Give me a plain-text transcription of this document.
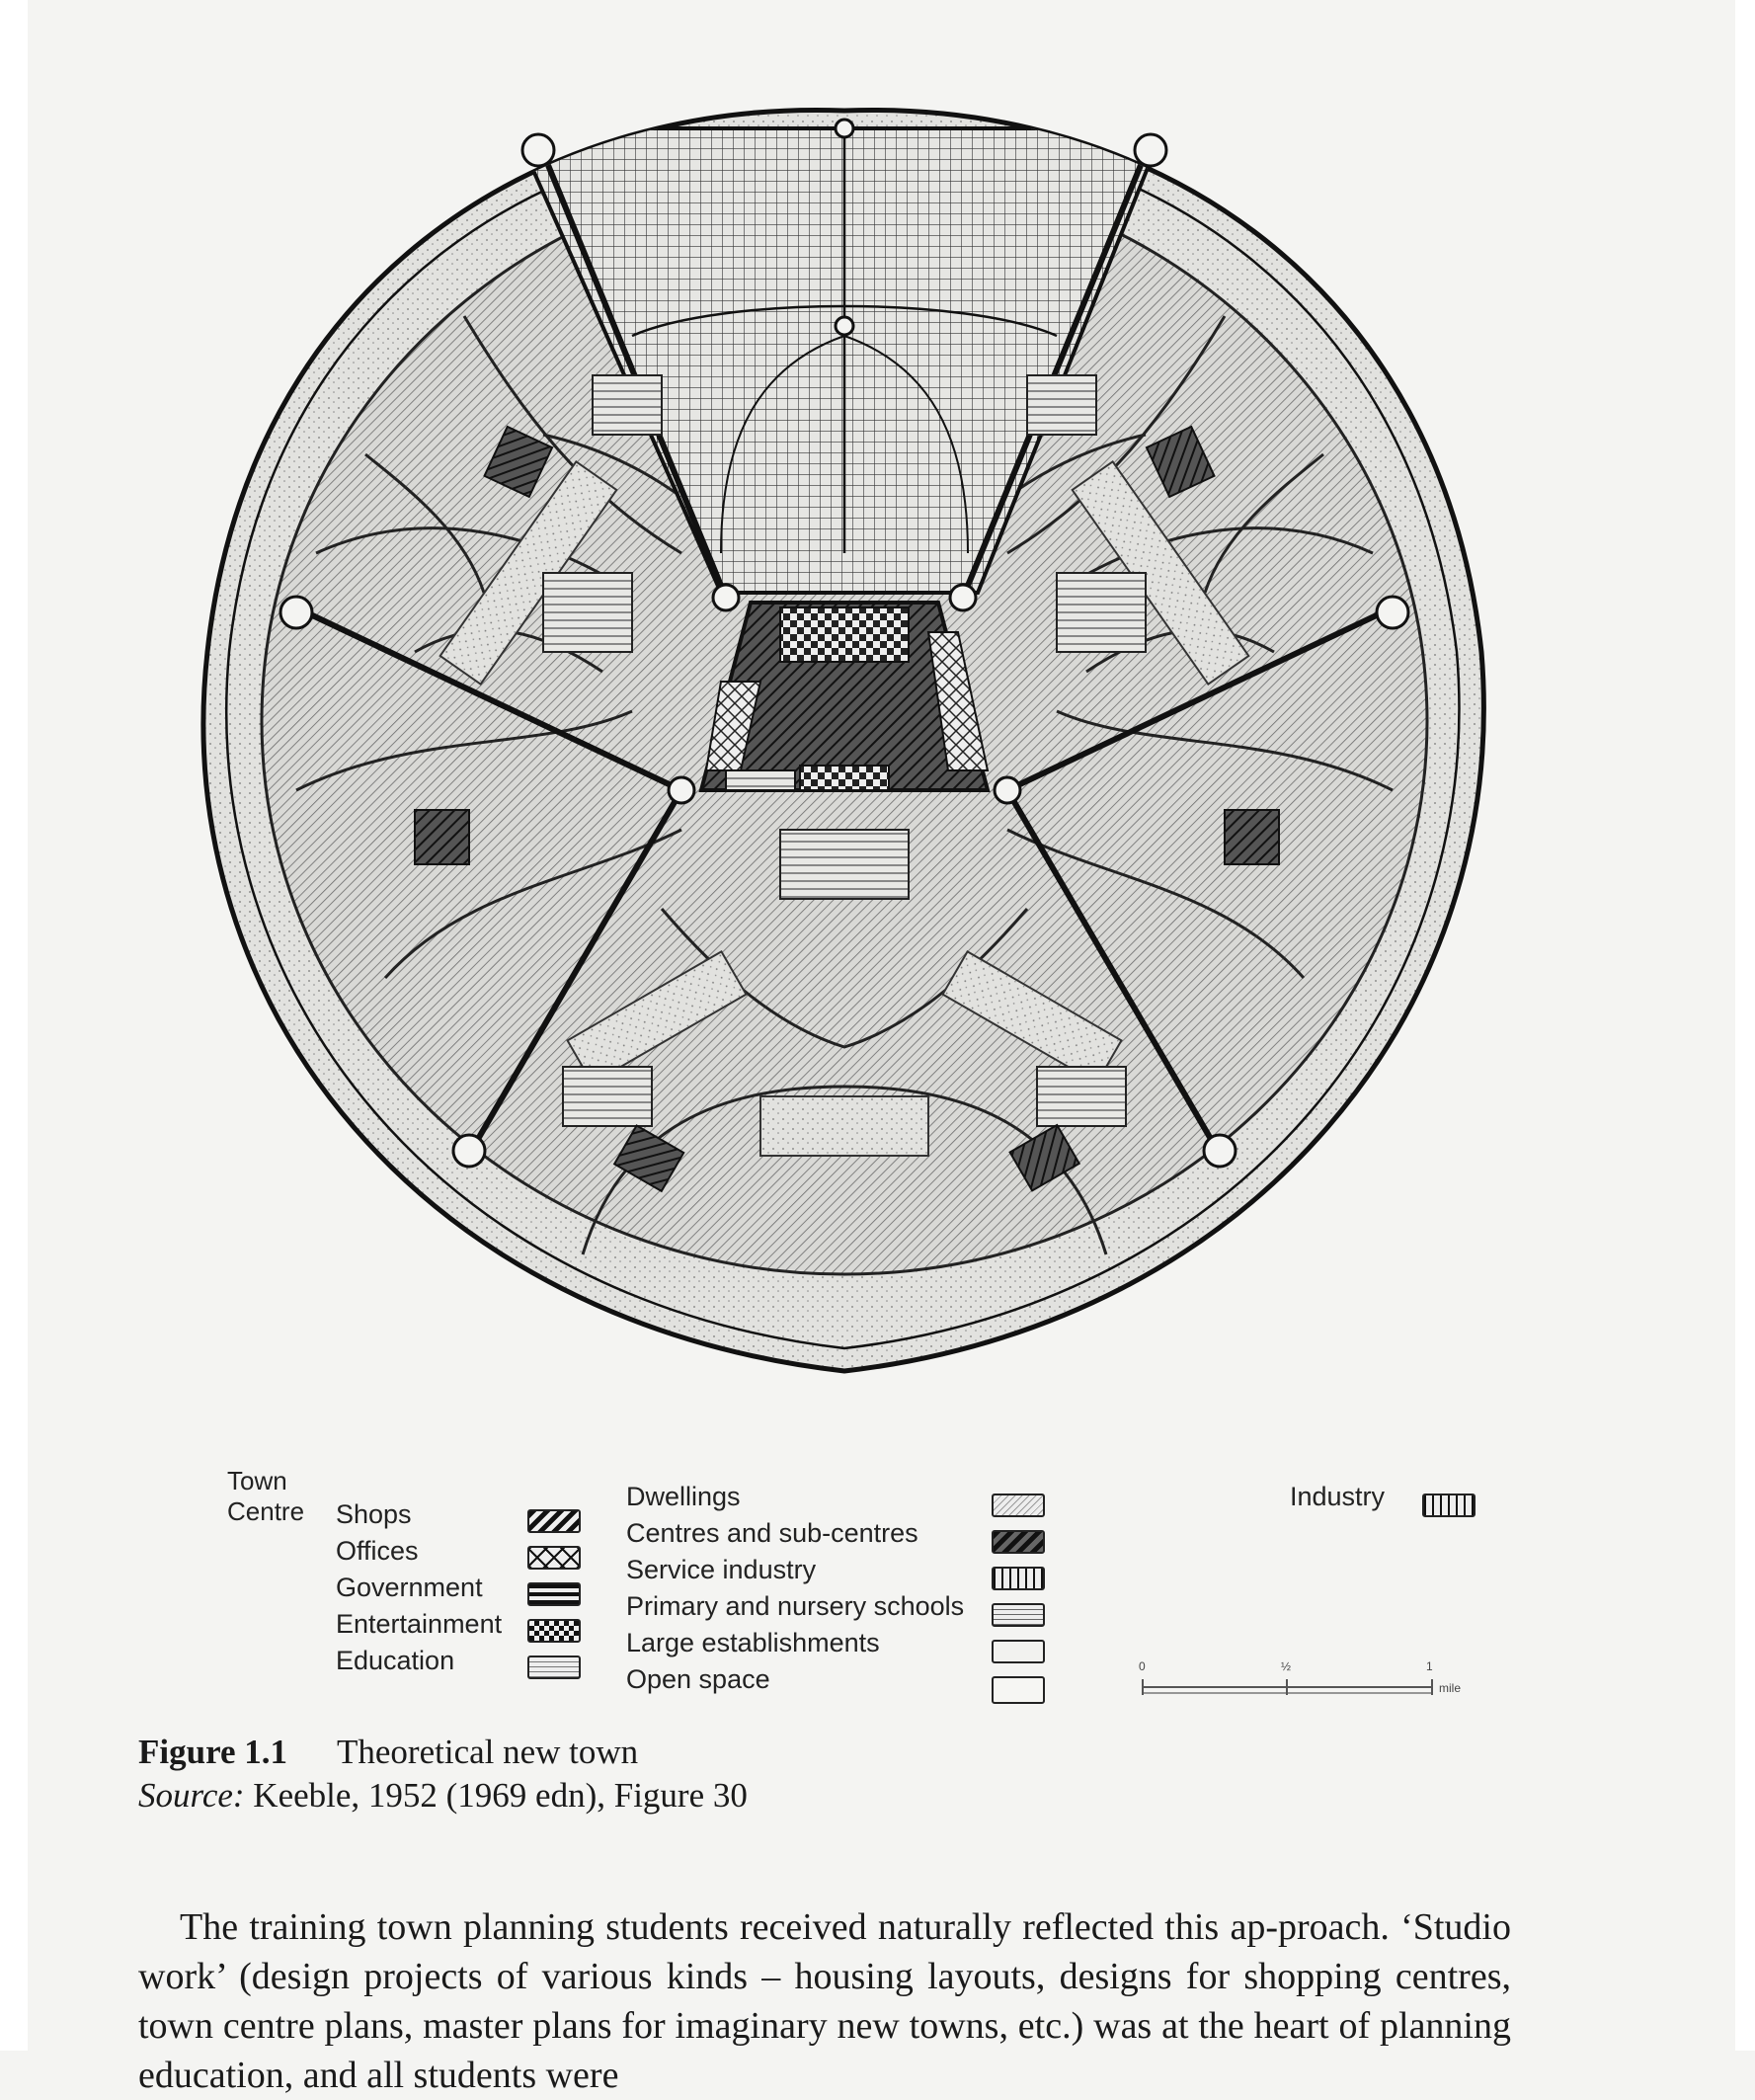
Town Centre Shops
Offices
Government
Entertainment
Education
Dwellings
Centres and sub-centres
Service industry
Primary and nursery schools
Large establishments
Open space
Industry
0	½	1
mile
Figure 1.1 Theoretical new town
Source: Keeble, 1952 (1969 edn), Figure 30

The training town planning students received naturally reflected this ap-proach. ‘Studio work’ (design projects of various kinds – housing layouts, designs for shopping centres, town centre plans, master plans for imaginary new towns, etc.) was at the heart of planning education, and all students were
